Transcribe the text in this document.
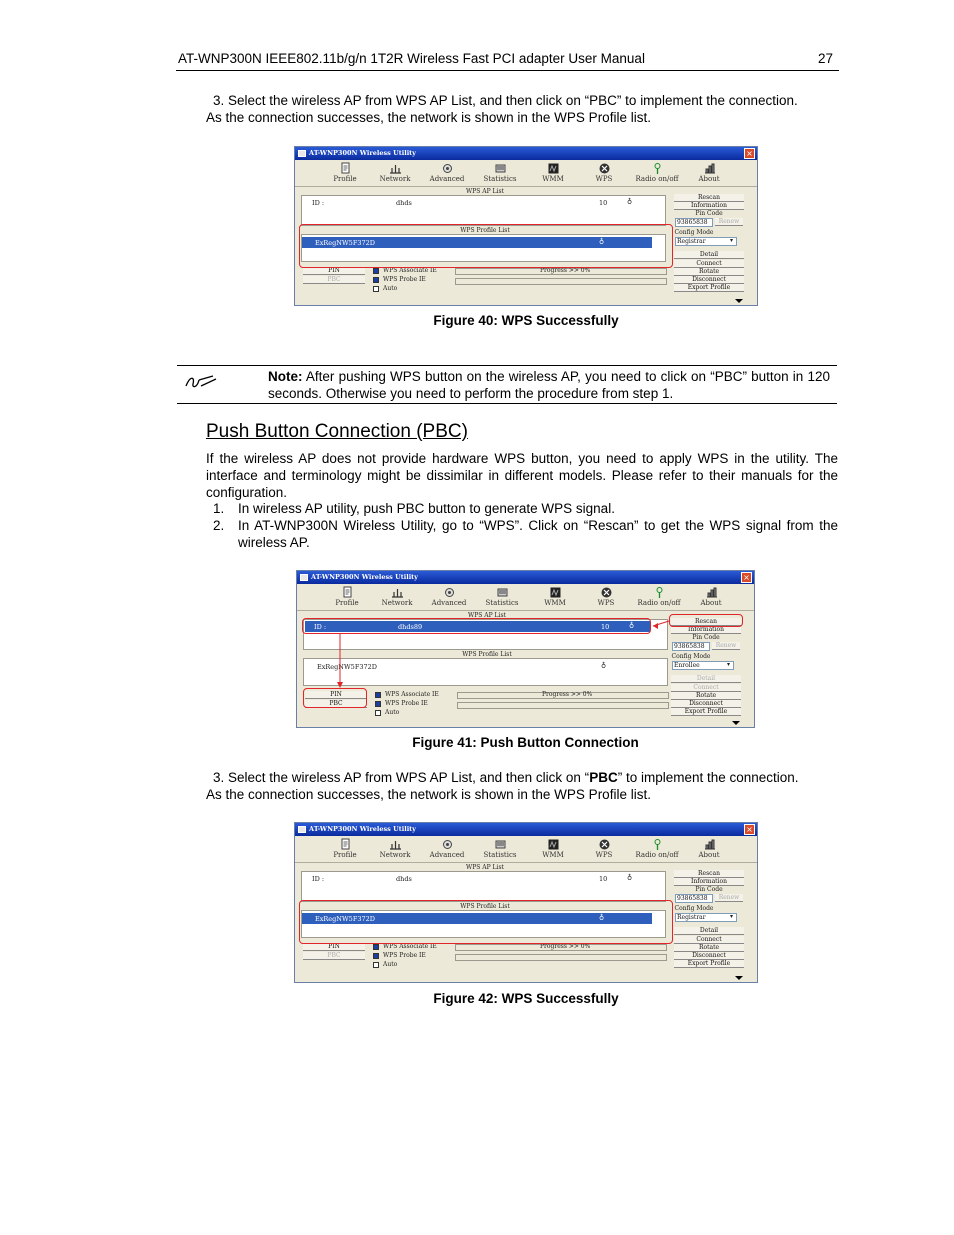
AT-WNP300N IEEE802.11b/g/n 1T2R Wireless Fast PCI adapter User Manual	27
3. Select the wireless AP from WPS AP List, and then click on “PBC” to implement the connection.
As the connection successes, the network is shown in the WPS Profile list.
AT-WNP300N Wireless Utility	×
Profile	Network	Advanced	Statistics	WMM	WPS	Radio on/off	About
WPS AP List
ID :	dhds	10	♁
WPS Profile List
ExRegNW5F372D	♁
PIN
PBC
WPS Associate IE
WPS Probe IE
Auto
Progress >> 0%
Rescan
Information
Pin Code
93865838	Renew
Config Mode
Registrar	▾
Detail
Connect
Rotate
Disconnect
Export Profile
Figure 40: WPS Successfully
Note: After pushing WPS button on the wireless AP, you need to click on “PBC” button in 120 seconds. Otherwise you need to perform the procedure from step 1.
Push Button Connection (PBC)
If the wireless AP does not provide hardware WPS button, you need to apply WPS in the utility. The interface and terminology might be dissimilar in different models. Please refer to their manuals for the configuration.
1. In wireless AP utility, push PBC button to generate WPS signal.
2. In AT-WNP300N Wireless Utility, go to “WPS”. Click on “Rescan” to get the WPS signal from the wireless AP.
AT-WNP300N Wireless Utility	×
Profile	Network	Advanced	Statistics	WMM	WPS	Radio on/off	About
WPS AP List
ID :	dhds89	10	♁
WPS Profile List
ExRegNW5F372D	♁
PIN
PBC
WPS Associate IE
WPS Probe IE
Auto
Progress >> 0%
Rescan
Information
Pin Code
93865838	Renew
Config Mode
Enrollee	▾
Detail
Connect
Rotate
Disconnect
Export Profile
Figure 41: Push Button Connection
3. Select the wireless AP from WPS AP List, and then click on “PBC” to implement the connection.
As the connection successes, the network is shown in the WPS Profile list.
AT-WNP300N Wireless Utility	×
Profile	Network	Advanced	Statistics	WMM	WPS	Radio on/off	About
WPS AP List
ID :	dhds	10	♁
WPS Profile List
ExRegNW5F372D	♁
PIN
PBC
WPS Associate IE
WPS Probe IE
Auto
Progress >> 0%
Rescan
Information
Pin Code
93865838	Renew
Config Mode
Registrar	▾
Detail
Connect
Rotate
Disconnect
Export Profile
Figure 42: WPS Successfully
